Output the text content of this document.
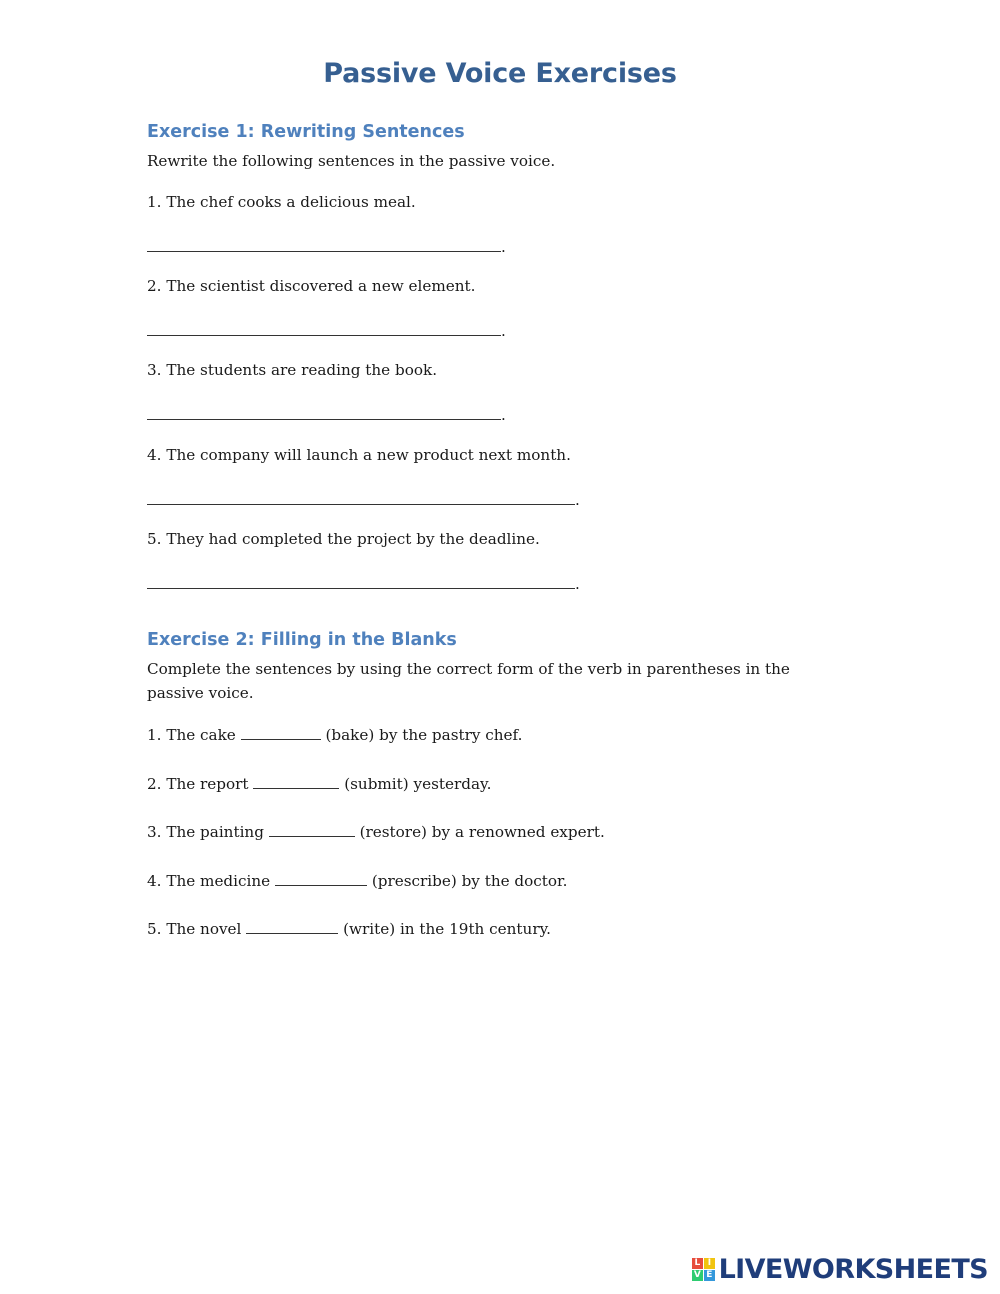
Passive Voice Exercises
Exercise 1: Rewriting Sentences
Rewrite the following sentences in the passive voice.
1. The chef cooks a delicious meal.
.
2. The scientist discovered a new element.
.
3. The students are reading the book.
.
4. The company will launch a new product next month.
.
5. They had completed the project by the deadline.
.
Exercise 2: Filling in the Blanks
Complete the sentences by using the correct form of the verb in parentheses in the passive voice.
1. The cake	(bake) by the pastry chef.
2. The report	(submit) yesterday.
3. The painting	(restore) by a renowned expert.
4. The medicine	(prescribe) by the doctor.
5. The novel	(write) in the 19th century.
L I
V E LIVEWORKSHEETS
